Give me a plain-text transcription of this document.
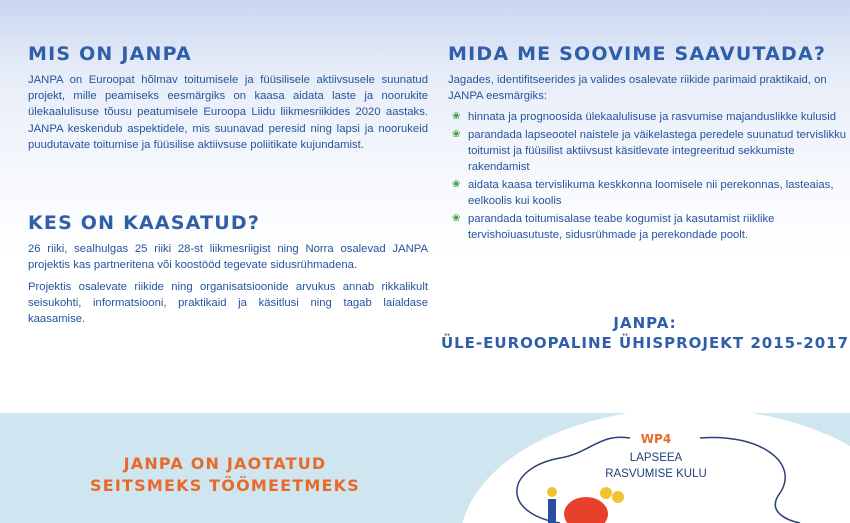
MIS ON JANPA

JANPA on Euroopat hõlmav toitumisele ja füüsilisele aktiivsusele suunatud projekt, mille peamiseks eesmärgiks on kaasa aidata laste ja noorukite ülekaalulisuse tõusu peatumisele Euroopa Liidu liikmesriikides 2020 aastaks. JANPA keskendub aspektidele, mis suunavad peresid ning lapsi ja noorukeid puudutavate toitumise ja füüsilise aktiivsuse poliitikate kujundamist.

KES ON KAASATUD?

26 riiki, sealhulgas 25 riiki 28-st liikmesriigist ning Norra osalevad JANPA projektis kas partneritena või koostööd tegevate sidusrühmadena.

Projektis osalevate riikide ning organisatsioonide arvukus annab rikkalikult seisukohti, informatsiooni, praktikaid ja käsitlusi ning tagab laialdase kaasamise.

MIDA ME SOOVIME SAAVUTADA?

Jagades, identifitseerides ja valides osalevate riikide parimaid praktikaid, on JANPA eesmärgiks:

❀ hinnata ja prognoosida ülekaalulisuse ja rasvumise majanduslikke kulusid
❀ parandada lapseootel naistele ja väikelastega peredele suunatud tervislikku toitumist ja füüsilist aktiivsust käsitlevate integreeritud sekkumiste rakendamist
❀ aidata kaasa tervislikuma keskkonna loomisele nii perekonnas, lasteaias, eelkoolis kui koolis
❀ parandada toitumisalase teabe kogumist ja kasutamist riiklike tervishoiuasutuste, sidusrühmade ja perekondade poolt.

JANPA:

ÜLE-EUROOPALINE ÜHISPROJEKT 2015-2017

JANPA ON JAOTATUD

SEITSMEKS TÖÖMEETMEKS

WP4

LAPSEEA

RASVUMISE KULU
